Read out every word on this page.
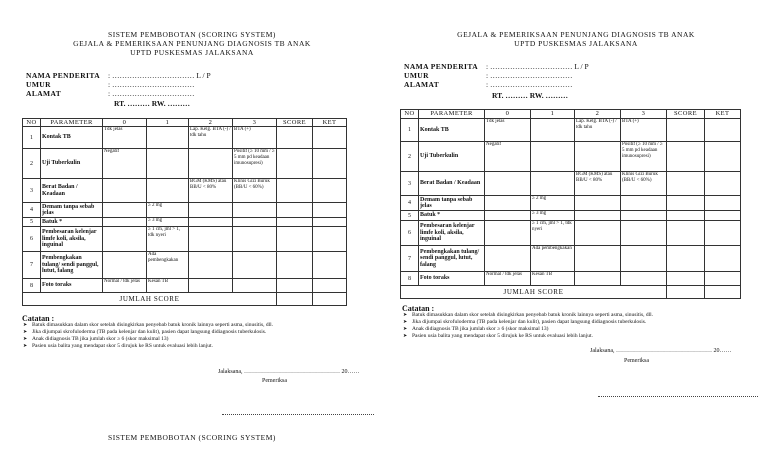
SISTEM PEMBOBOTAN (SCORING SYSTEM)
GEJALA & PEMERIKSAAN PENUNJANG DIAGNOSIS TB ANAK
UPTD PUSKESMAS JALAKSANA
NAMA PENDERITA : …………………………… L / P
UMUR	: ……………………………
ALAMAT	: ……………………………
RT. ……… RW. ………
NO	PARAMETER	0	1	2	3	SCORE	KET
1	Kontak TB	Tdk jelas		Lap. Kelg. BTA (-) / tdk tahu	BTA (+)		
2	Uji Tuberkulin	Negatif			Positif (≥ 10 mm / ≥ 5 mm pd keadaan imunosupresi)		
3	Berat Badan / Keadaan			BGM (KMS) atau BB/U < 80%	Klinis Gizi Buruk (BB/U < 60%)		
4	Demam tanpa sebab jelas		≥ 2 mg				
5	Batuk *		≥ 3 mg				
6	Pembesaran kelenjar limfe koli, aksila, inguinal		≥ 1 cm, jml > 1, tdk nyeri				
7	Pembengkakan tulang/ sendi panggul, lutut, falang		Ada pembengkakan				
8	Foto toraks	Normal / tdk jelas	Kesan TB				
JUMLAH SCORE							
Catatan :
➤ Batuk dimasukkan dalam skor setelah disingkirkan penyebab batuk kronik lainnya seperti asma, sinusitis, dll.
➤ Jika dijumpai skrofuloderma (TB pada kelenjar dan kulit), pasien dapat langsung didiagnosis tuberkulosis.
➤ Anak didiagnosis TB jika jumlah skor ≥ 6 (skor maksimal 13)
➤ Pasien usia balita yang mendapat skor 5 dirujuk ke RS untuk evaluasi lebih lanjut.
Jalaksana, ………………………………………… 20……
Pemeriksa
SISTEM PEMBOBOTAN (SCORING SYSTEM)
GEJALA & PEMERIKSAAN PENUNJANG DIAGNOSIS TB ANAK
UPTD PUSKESMAS JALAKSANA
NAMA PENDERITA : …………………………… L / P
UMUR	: ……………………………
ALAMAT	: ……………………………
RT. ……… RW. ………
NO	PARAMETER	0	1	2	3	SCORE	KET
1	Kontak TB	Tdk jelas		Lap. Kelg. BTA (-) / tdk tahu	BTA (+)		
2	Uji Tuberkulin	Negatif			Positif (≥ 10 mm / ≥ 5 mm pd keadaan imunosupresi)		
3	Berat Badan / Keadaan			BGM (KMS) atau BB/U < 80%	Klinis Gizi Buruk (BB/U < 60%)		
4	Demam tanpa sebab jelas		≥ 2 mg				
5	Batuk *		≥ 3 mg				
6	Pembesaran kelenjar limfe koli, aksila, inguinal		≥ 1 cm, jml > 1, tdk nyeri				
7	Pembengkakan tulang/ sendi panggul, lutut, falang		Ada pembengkakan				
8	Foto toraks	Normal / tdk jelas	Kesan TB				
JUMLAH SCORE							
Catatan :
➤ Batuk dimasukkan dalam skor setelah disingkirkan penyebab batuk kronik lainnya seperti asma, sinusitis, dll.
➤ Jika dijumpai skrofuloderma (TB pada kelenjar dan kulit), pasien dapat langsung didiagnosis tuberkulosis.
➤ Anak didiagnosis TB jika jumlah skor ≥ 6 (skor maksimal 13)
➤ Pasien usia balita yang mendapat skor 5 dirujuk ke RS untuk evaluasi lebih lanjut.
Jalaksana, ………………………………………… 20……
Pemeriksa
